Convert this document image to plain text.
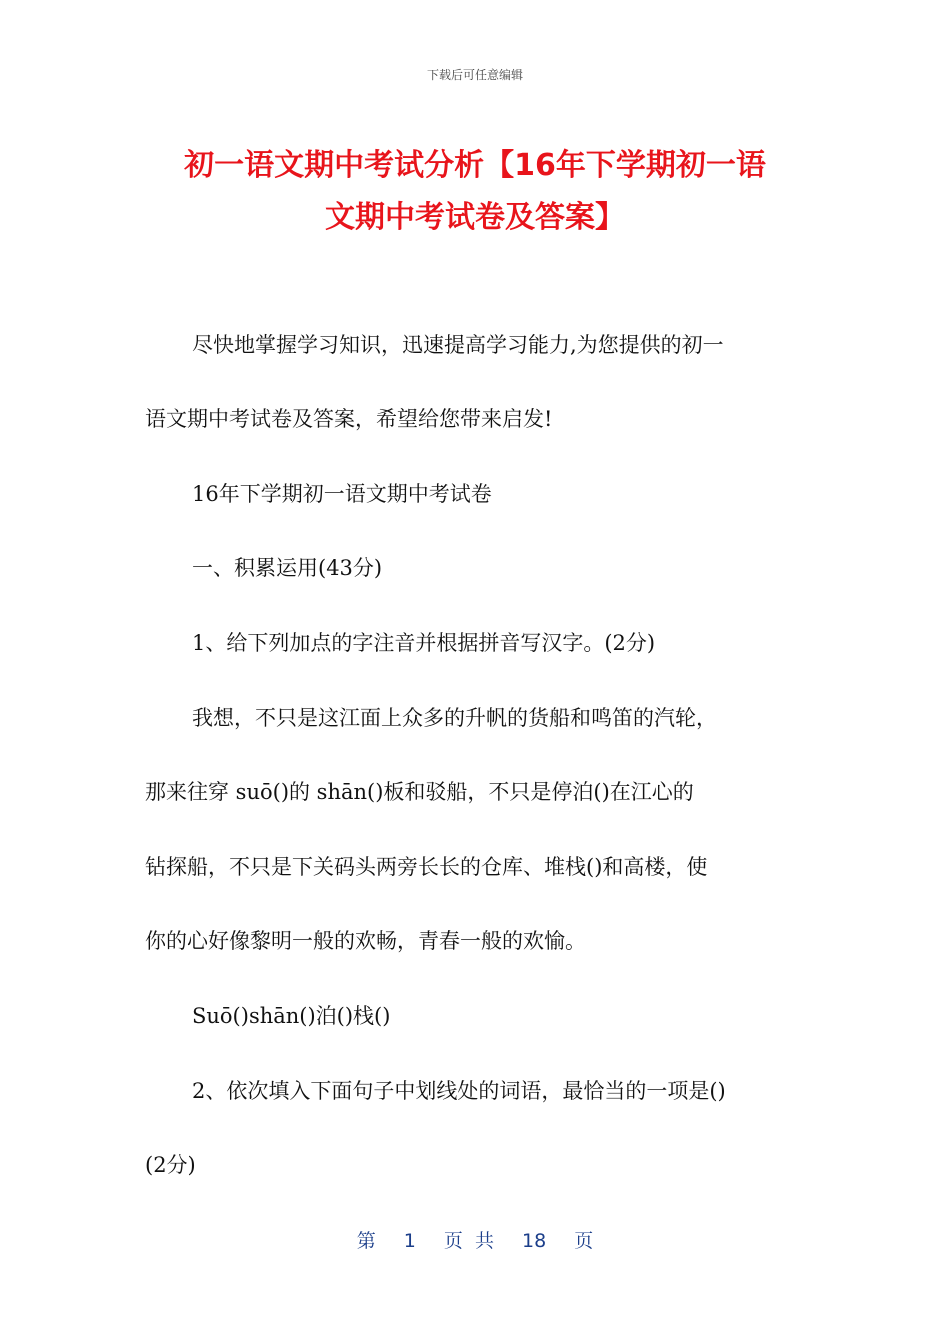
下载后可任意编辑
初一语文期中考试分析【16年下学期初一语
文期中考试卷及答案】
尽快地掌握学习知识，迅速提高学习能力,为您提供的初一
语文期中考试卷及答案，希望给您带来启发!
16年下学期初一语文期中考试卷
一、积累运用(43分)
1、给下列加点的字注音并根据拼音写汉字。(2分)
我想，不只是这江面上众多的升帆的货船和鸣笛的汽轮，
那来往穿 suō()的 shān()板和驳船，不只是停泊()在江心的
钻探船，不只是下关码头两旁长长的仓库、堆栈()和高楼，使
你的心好像黎明一般的欢畅，青春一般的欢愉。
Suō()shān()泊()栈()
2、依次填入下面句子中划线处的词语，最恰当的一项是()
(2分)
第 1 页 共 18 页
